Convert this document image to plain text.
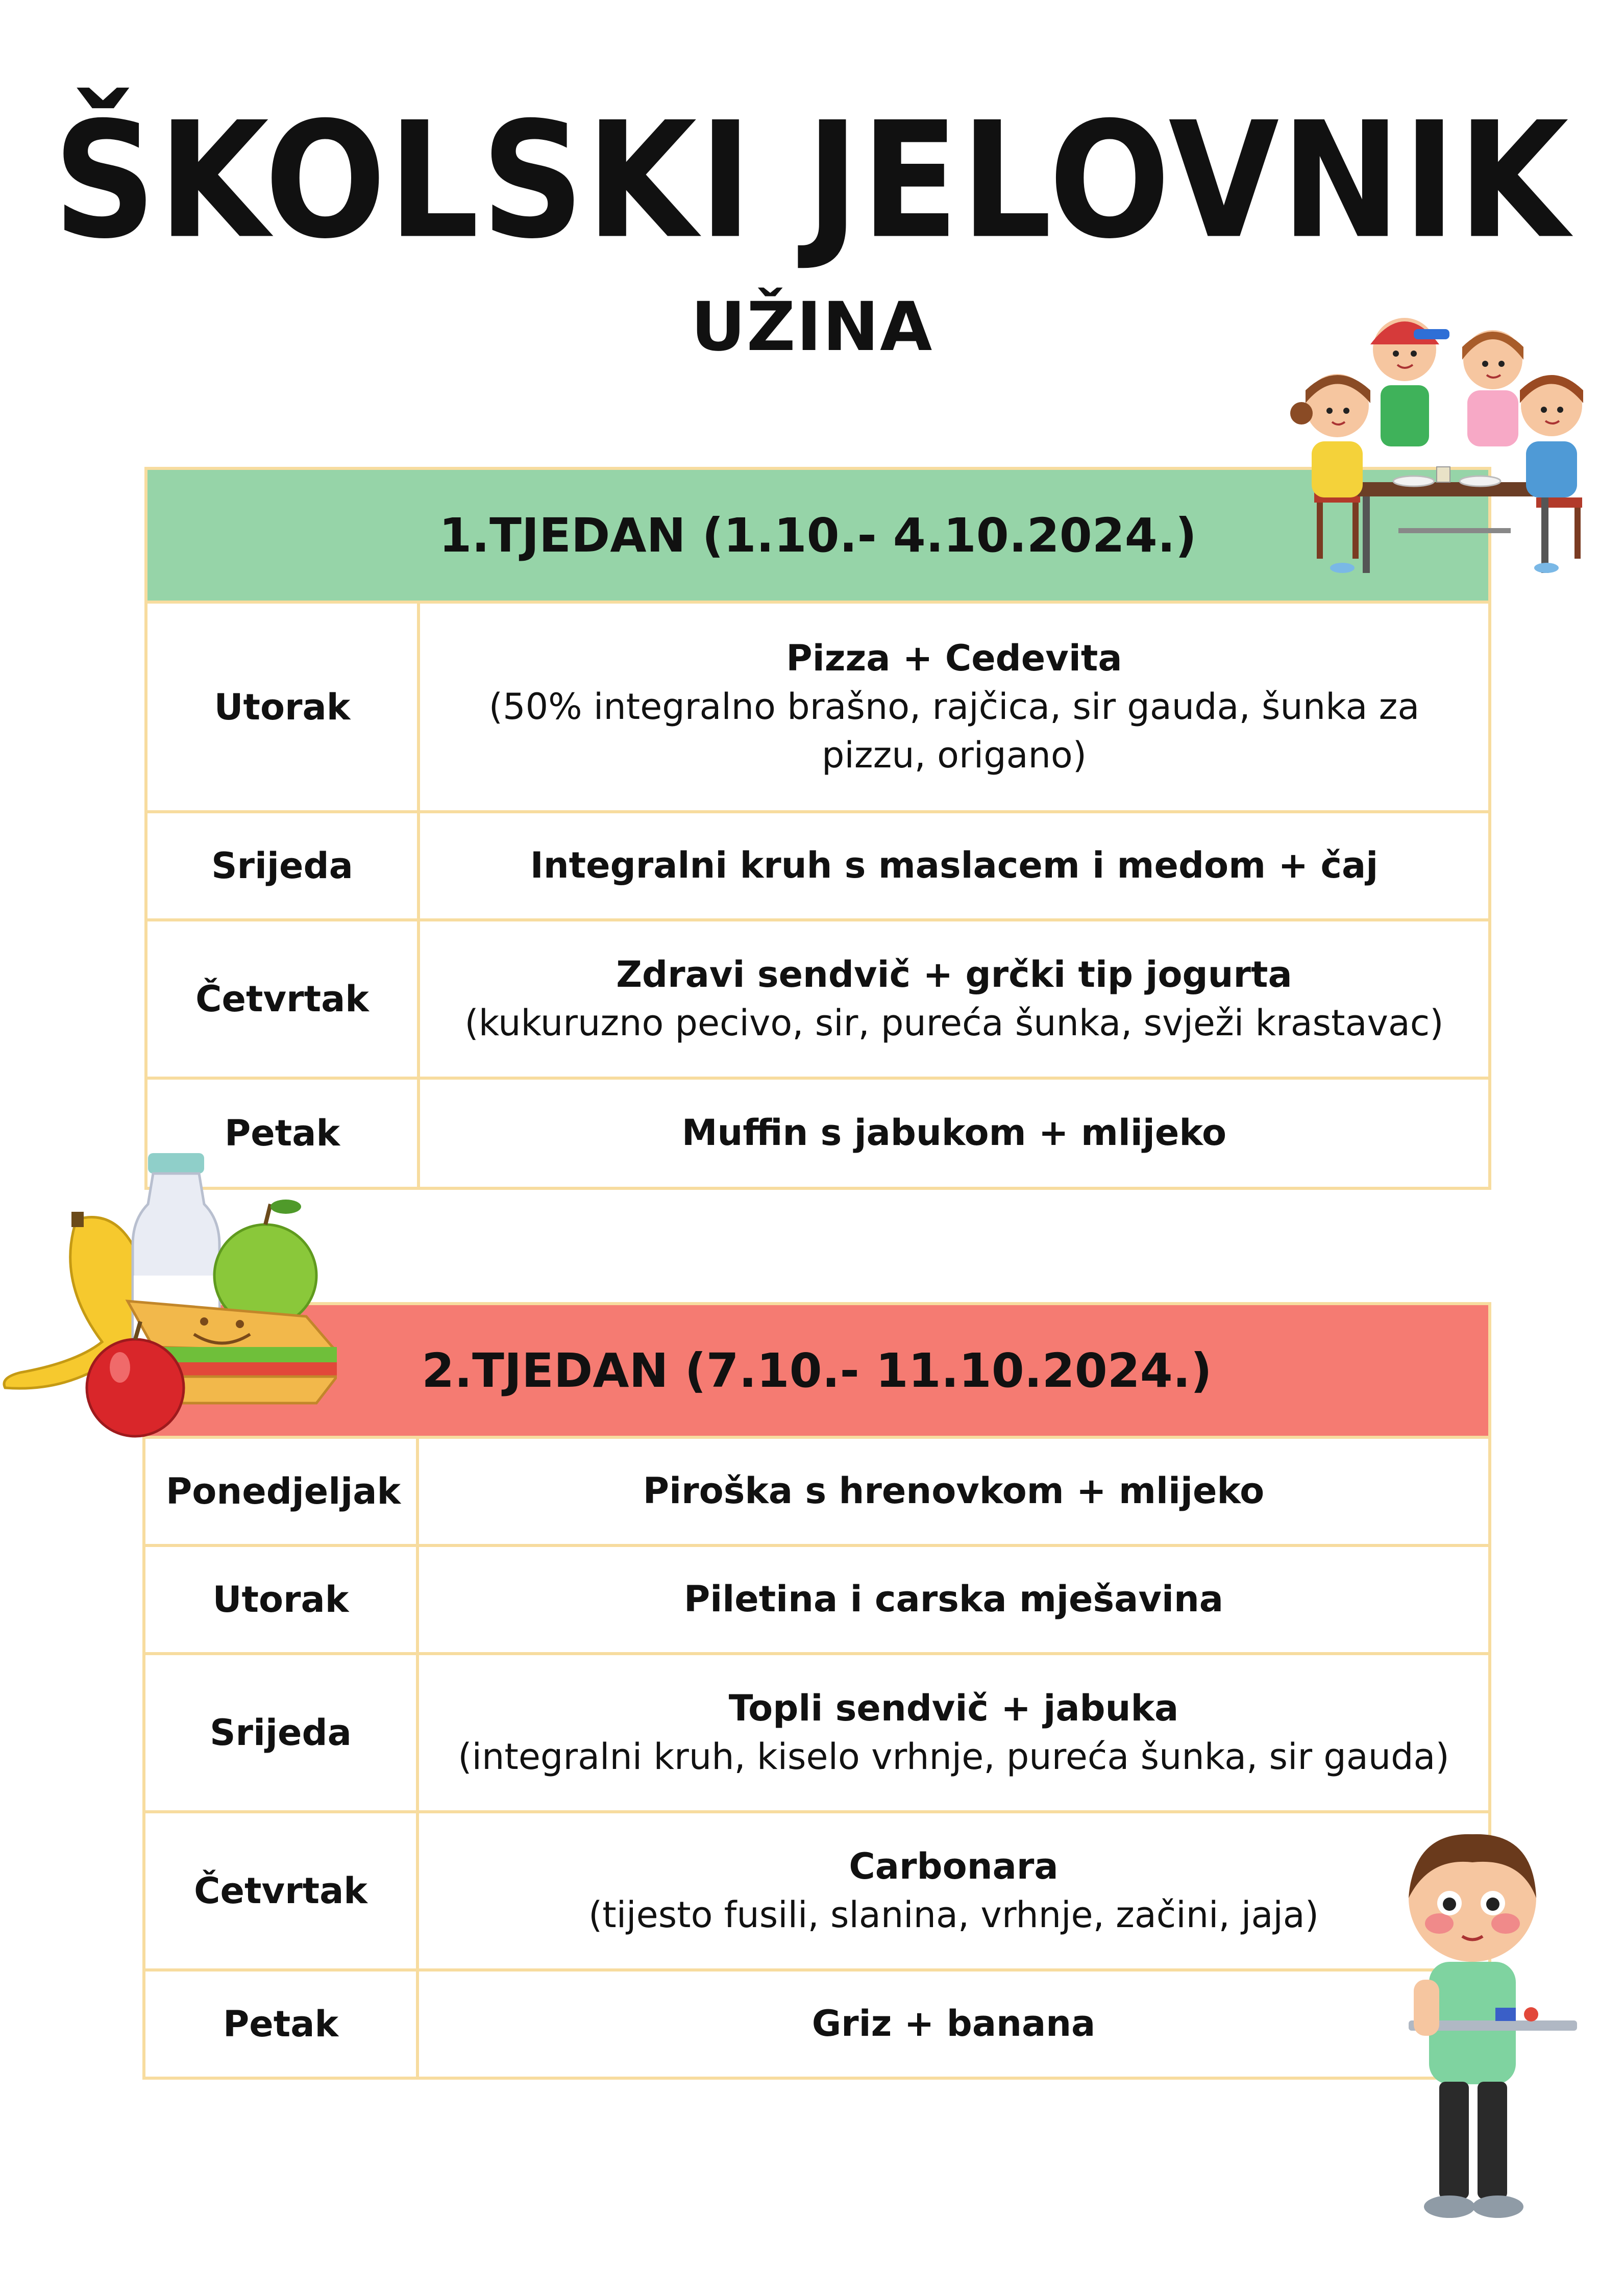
ŠKOLSKI JELOVNIK
UŽINA
1.TJEDAN (1.10.- 4.10.2024.)	
Utorak	Pizza + Cedevita
(50% integralno brašno, rajčica, sir gauda, šunka za pizzu, origano)

Srijeda	Integralni kruh s maslacem i medom + čaj

Četvrtak	Zdravi sendvič + grčki tip jogurta
(kukuruzno pecivo, sir, pureća šunka, svježi krastavac)

Petak	Muffin s jabukom + mlijeko
2.TJEDAN (7.10.- 11.10.2024.)	
Ponedjeljak	Piroška s hrenovkom + mlijeko

Utorak	Piletina i carska mješavina

Srijeda	Topli sendvič + jabuka
(integralni kruh, kiselo vrhnje, pureća šunka, sir gauda)

Četvrtak	Carbonara
(tijesto fusili, slanina, vrhnje, začini, jaja)

Petak	Griz + banana
